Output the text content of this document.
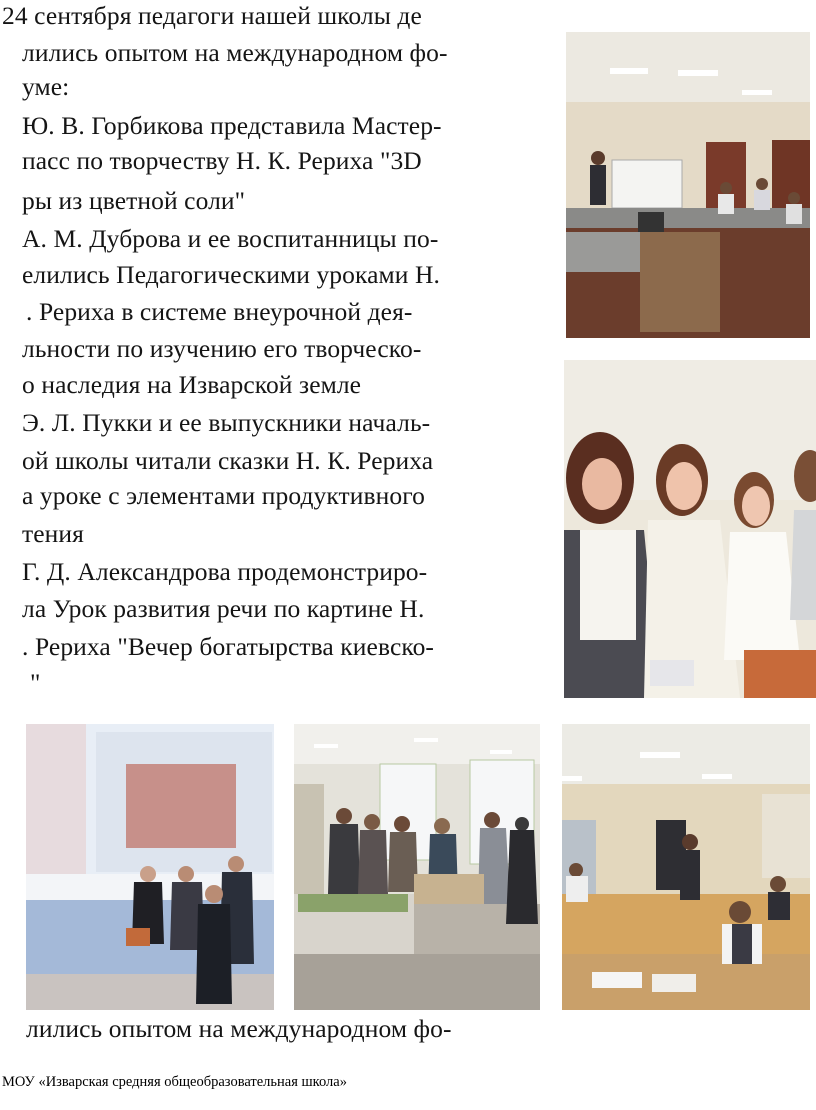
24 сентября педагоги нашей школы де
лились опытом на международном фо-
уме:
Ю. В. Горбикова представила Мастер-
пасс по творчеству Н. К. Рериха "3D
ры из цветной соли"
А. М. Дуброва и ее воспитанницы по-
елились Педагогическими уроками Н.
. Рериха в системе внеурочной дея-
льности по изучению его творческо-
о наследия на Изварской земле
Э. Л. Пукки и ее выпускники началь-
ой школы читали сказки Н. К. Рериха
а уроке с элементами продуктивного
тения
Г. Д. Александрова продемонстриро-
ла Урок развития речи по картине Н.
. Рериха "Вечер богатырства киевско-
"
лились опытом на международном фо-
МОУ «Изварская средняя общеобразовательная школа»
